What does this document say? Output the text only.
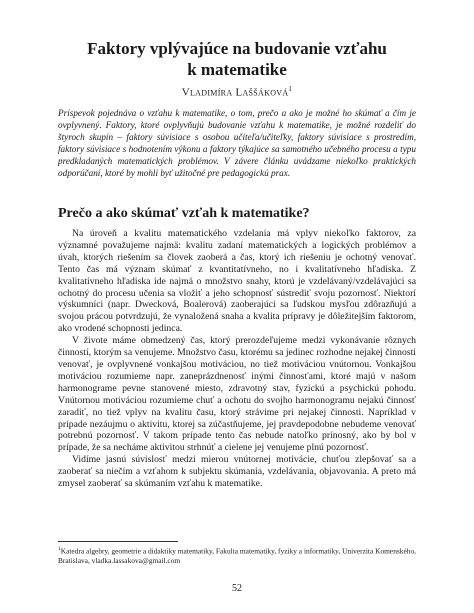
Faktory vplývajúce na budovanie vzťahu
k matematike
Vladimíra Laššáková$^1$
Príspevok pojednáva o vzťahu k matematike, o tom, prečo a ako je možné ho skúmať a čím je ovplyvnený. Faktory, ktoré ovplyvňujú budovanie vzťahu k matematike, je možné rozdeliť do štyroch skupín – faktory súvisiace s osobou učiteľa/učiteľky, faktory súvisiace s prostredím, faktory súvisiace s hodnotením výkonu a faktory týkajúce sa samotného učebného procesu a typu predkladaných matematických problémov. V závere článku uvádzame niekoľko praktických odporúčaní, ktoré by mohli byť užitočné pre pedagogickú prax.
Prečo a ako skúmať vzťah k matematike?

Na úroveň a kvalitu matematického vzdelania má vplyv niekoľko faktorov, za významné považujeme najmä: kvalitu zadaní matematických a logických problémov a úvah, ktorých riešením sa človek zaoberá a čas, ktorý ich riešeniu je ochotný venovať. Tento čas má význam skúmať z kvantitatívneho, no i kvalitatívneho hľadiska. Z kvalitatívneho hľadiska ide najmä o množstvo snahy, ktorú je vzdelávaný/vzdelávajúci sa ochotný do procesu učenia sa vložiť a jeho schopnosť sústrediť svoju pozornosť. Niektorí výskumníci (napr. Dwecková, Boalerová) zaoberajúci sa ľudskou mysľou zdôrazňujú a svojou prácou potvrdzujú, že vynaložená snaha a kvalita prípravy je dôležitejším faktorom, ako vrodené schopnosti jedinca.

V živote máme obmedzený čas, ktorý prerozdeľujeme medzi vykonávanie rôznych činností, ktorým sa venujeme. Množstvo času, ktorému sa jedinec rozhodne nejakej činnosti venovať, je ovplyvnené vonkajšou motiváciou, no tiež motiváciou vnútornou. Vonkajšou motiváciou rozumieme napr. zaneprázdnenosť inými činnosťami, ktoré majú v našom harmonograme pevne stanovené miesto, zdravotný stav, fyzickú a psychickú pohodu. Vnútornou motiváciou rozumieme chuť a ochotu do svojho harmonogramu nejakú činnosť zaradiť, no tiež vplyv na kvalitu času, ktorý strávime pri nejakej činnosti. Napríklad v prípade nezáujmu o aktivitu, ktorej sa zúčastňujeme, jej pravdepodobne nebudeme venovať potrebnú pozornosť. V takom prípade tento čas nebude natoľko prínosný, ako by bol v prípade, že sa necháme aktivitou strhnúť a cielene jej venujeme plnú pozornosť.

Vidíme jasnú súvislosť medzi mierou vnútornej motivácie, chuťou zlepšovať sa a zaoberať sa niečím a vzťahom k subjektu skúmania, vzdelávania, objavovania. A preto má zmysel zaoberať sa skúmaním vzťahu k matematike.

$^1$Katedra algebry, geometrie a didaktiky matematiky, Fakulta matematiky, fyziky a informatiky, Univerzita Komenského, Bratislava, vladka.lassakova@gmail.com
52
